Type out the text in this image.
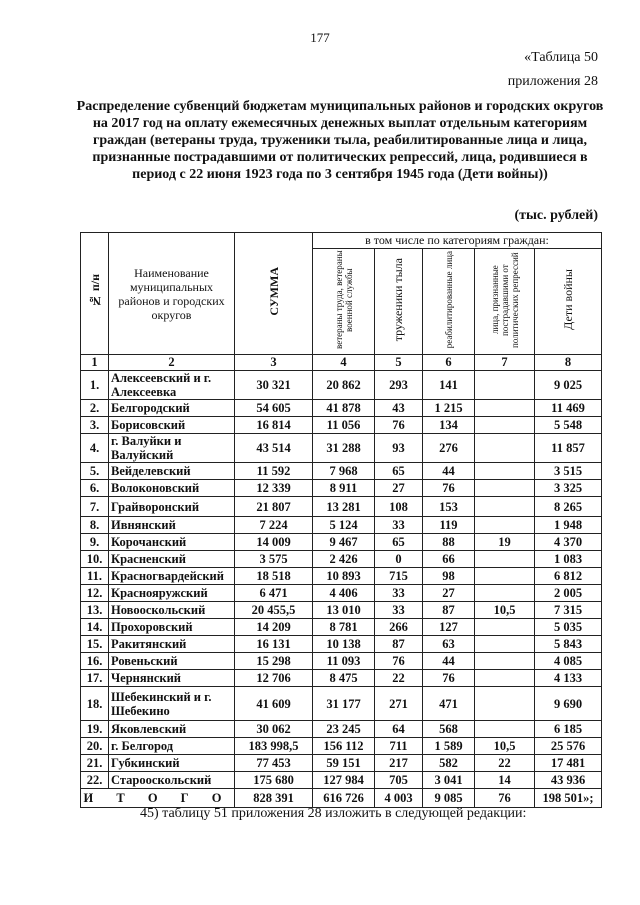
177
«Таблица 50
приложения 28
Распределение субвенций бюджетам муниципальных районов и городских округов на 2017 год на оплату ежемесячных денежных выплат отдельным категориям граждан (ветераны труда, труженики тыла, реабилитированные лица и лица, признанные пострадавшими от политических репрессий, лица, родившиеся в период с 22 июня 1923 года по 3 сентября 1945 года (Дети войны))
(тыс. рублей)
№ п/н	Наименование муниципальных районов и городских округов	СУММА	в том числе по категориям граждан:				
			ветераны труда, ветераны военной службы	труженики тыла	реабилитированные лица	лица, признанные пострадавшими от политических репрессий	Дети войны
1	2	3	4	5	6	7	8
1.	Алексеевский и г. Алексеевка	30 321	20 862	293	141		9 025
2.	Белгородский	54 605	41 878	43	1 215		11 469
3.	Борисовский	16 814	11 056	76	134		5 548
4.	г. Валуйки и Валуйский	43 514	31 288	93	276		11 857
5.	Вейделевский	11 592	7 968	65	44		3 515
6.	Волоконовский	12 339	8 911	27	76		3 325
7.	Грайворонский	21 807	13 281	108	153		8 265
8.	Ивнянский	7 224	5 124	33	119		1 948
9.	Корочанский	14 009	9 467	65	88	19	4 370
10.	Красненский	3 575	2 426	0	66		1 083
11.	Красногвардейский	18 518	10 893	715	98		6 812
12.	Краснояружский	6 471	4 406	33	27		2 005
13.	Новооскольский	20 455,5	13 010	33	87	10,5	7 315
14.	Прохоровский	14 209	8 781	266	127		5 035
15.	Ракитянский	16 131	10 138	87	63		5 843
16.	Ровеньский	15 298	11 093	76	44		4 085
17.	Чернянский	12 706	8 475	22	76		4 133
18.	Шебекинский и г. Шебекино	41 609	31 177	271	471		9 690
19.	Яковлевский	30 062	23 245	64	568		6 185
20.	г. Белгород	183 998,5	156 112	711	1 589	10,5	25 576
21.	Губкинский	77 453	59 151	217	582	22	17 481
22.	Старооскольский	175 680	127 984	705	3 041	14	43 936
И Т О Г О		828 391	616 726	4 003	9 085	76	198 501»;
45) таблицу 51 приложения 28 изложить в следующей редакции:
